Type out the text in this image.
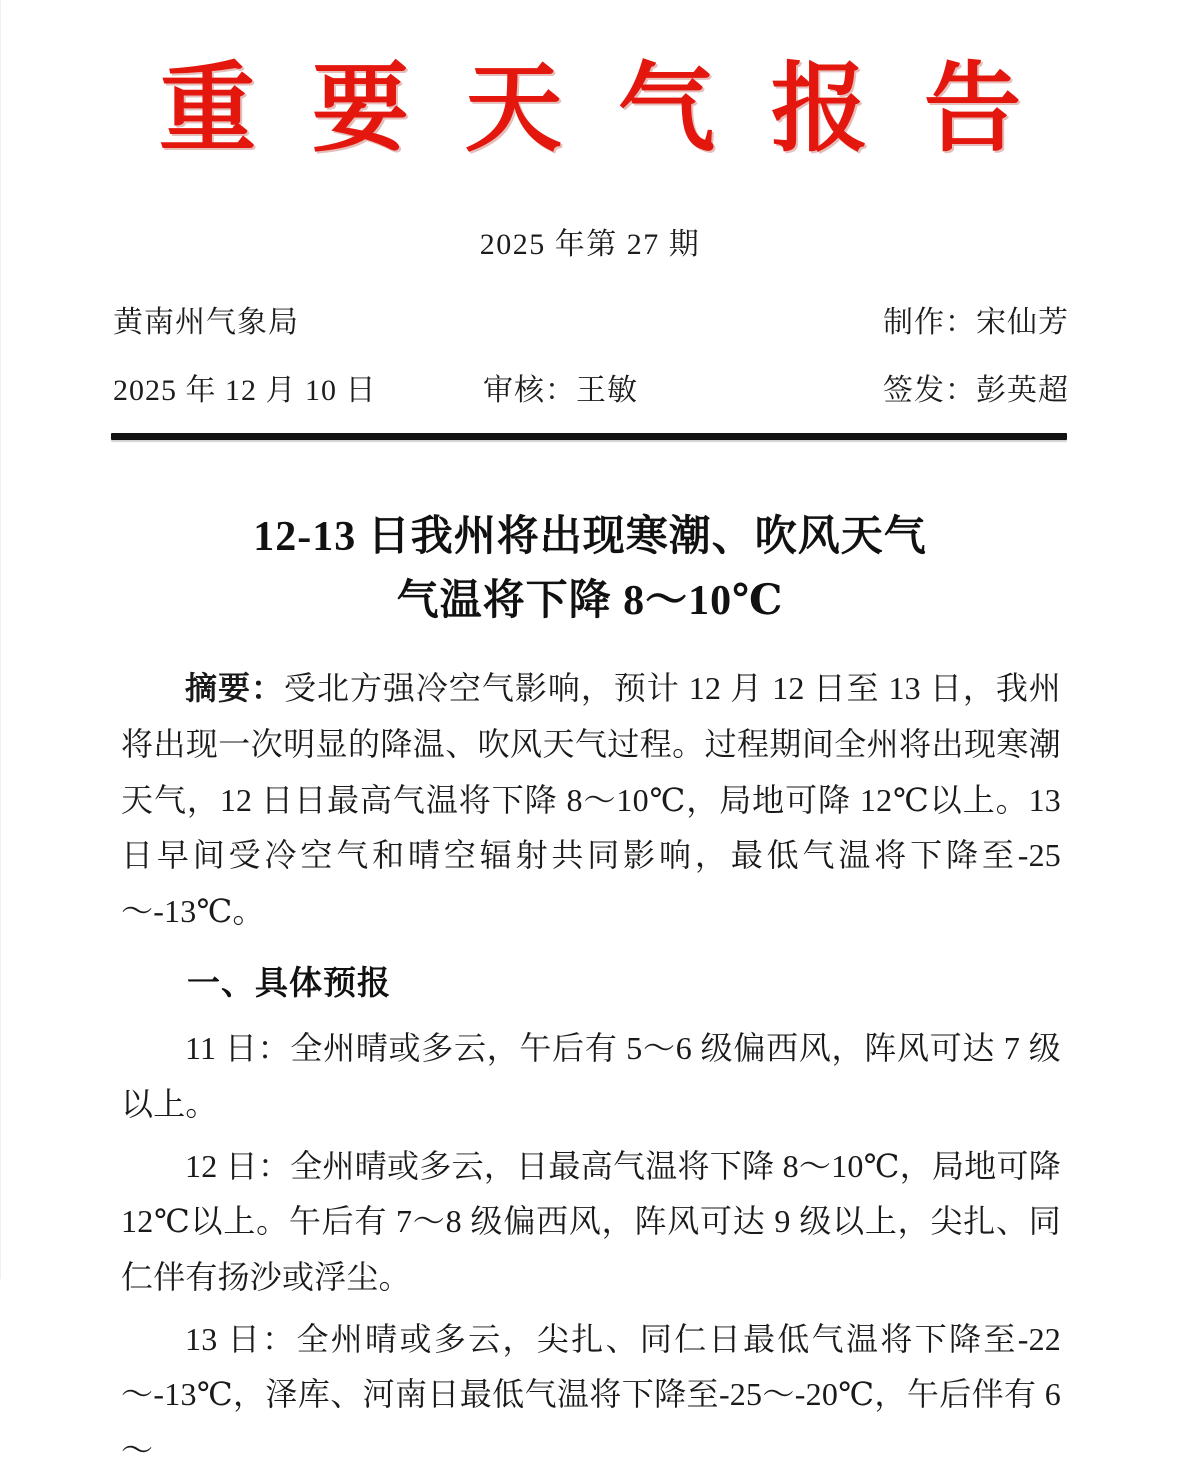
重要天气报告
2025 年第 27 期
黄南州气象局	制作：宋仙芳
2025 年 12 月 10 日	审核：王敏	签发：彭英超
12-13 日我州将出现寒潮、吹风天气
气温将下降 8～10℃

摘要：受北方强冷空气影响，预计 12 月 12 日至 13 日，我州将出现一次明显的降温、吹风天气过程。过程期间全州将出现寒潮天气，12 日日最高气温将下降 8～10℃，局地可降 12℃以上。13 日早间受冷空气和晴空辐射共同影响，最低气温将下降至-25～-13℃。

一、具体预报

11 日：全州晴或多云，午后有 5～6 级偏西风，阵风可达 7 级以上。

12 日：全州晴或多云，日最高气温将下降 8～10℃，局地可降 12℃以上。午后有 7～8 级偏西风，阵风可达 9 级以上，尖扎、同仁伴有扬沙或浮尘。

13 日：全州晴或多云，尖扎、同仁日最低气温将下降至-22～-13℃，泽库、河南日最低气温将下降至-25～-20℃，午后伴有 6～
